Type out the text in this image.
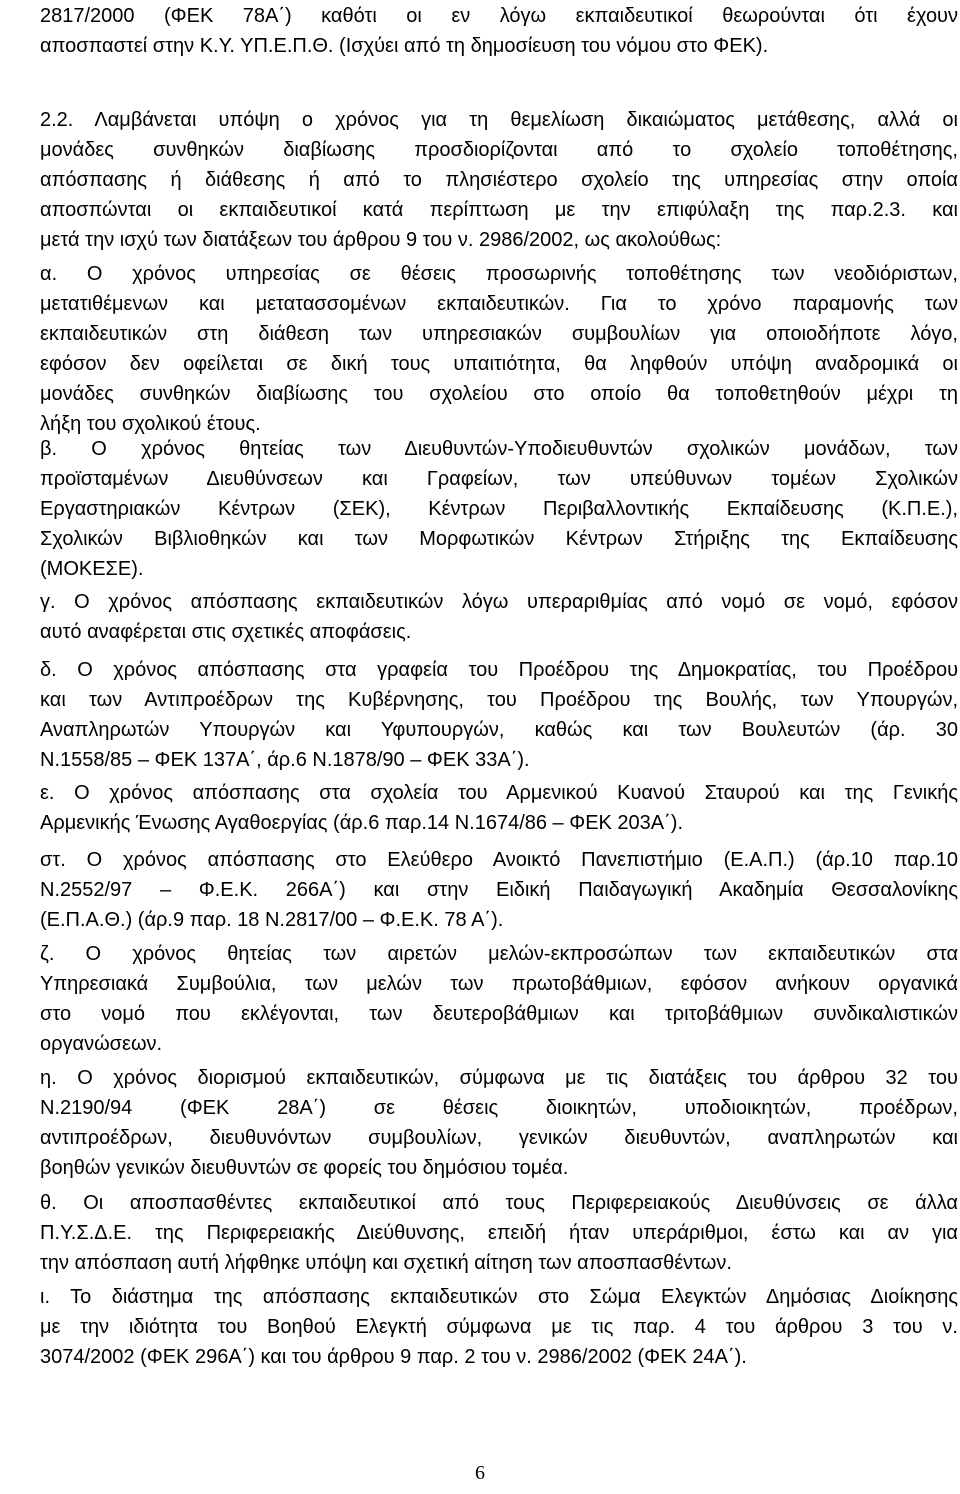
2817/2000 (ΦΕΚ 78Α΄) καθότι οι εν λόγω εκπαιδευτικοί θεωρούνται ότι έχουν
αποσπαστεί στην Κ.Υ. ΥΠ.Ε.Π.Θ. (Ισχύει από τη δημοσίευση του νόμου στο ΦΕΚ).
2.2. Λαμβάνεται υπόψη ο χρόνος για τη θεμελίωση δικαιώματος μετάθεσης, αλλά οι
μονάδες συνθηκών διαβίωσης προσδιορίζονται από το σχολείο τοποθέτησης,
απόσπασης ή διάθεσης ή από το πλησιέστερο σχολείο της υπηρεσίας στην οποία
αποσπώνται οι εκπαιδευτικοί κατά περίπτωση με την επιφύλαξη της παρ.2.3. και
μετά την ισχύ των διατάξεων του άρθρου 9 του ν. 2986/2002, ως ακολούθως:
α. Ο χρόνος υπηρεσίας σε θέσεις προσωρινής τοποθέτησης των νεοδιόριστων,
μετατιθέμενων και μετατασσομένων εκπαιδευτικών. Για το χρόνο παραμονής των
εκπαιδευτικών στη διάθεση των υπηρεσιακών συμβουλίων για οποιοδήποτε λόγο,
εφόσον δεν οφείλεται σε δική τους υπαιτιότητα, θα ληφθούν υπόψη αναδρομικά οι
μονάδες συνθηκών διαβίωσης του σχολείου στο οποίο θα τοποθετηθούν μέχρι τη
λήξη του σχολικού έτους.
β. Ο χρόνος θητείας των Διευθυντών-Υποδιευθυντών σχολικών μονάδων, των
προϊσταμένων Διευθύνσεων και Γραφείων, των υπεύθυνων τομέων Σχολικών
Εργαστηριακών Κέντρων (ΣΕΚ), Κέντρων Περιβαλλοντικής Εκπαίδευσης (Κ.Π.Ε.),
Σχολικών Βιβλιοθηκών και των Μορφωτικών Κέντρων Στήριξης της Εκπαίδευσης
(ΜΟΚΕΣΕ).
γ. Ο χρόνος απόσπασης εκπαιδευτικών λόγω υπεραριθμίας από νομό σε νομό, εφόσον
αυτό αναφέρεται στις σχετικές αποφάσεις.
δ. Ο χρόνος απόσπασης στα γραφεία του Προέδρου της Δημοκρατίας, του Προέδρου
και των Αντιπροέδρων της Κυβέρνησης, του Προέδρου της Βουλής, των Υπουργών,
Αναπληρωτών Υπουργών και Υφυπουργών, καθώς και των Βουλευτών (άρ. 30
Ν.1558/85 – ΦΕΚ 137Α΄, άρ.6 Ν.1878/90 – ΦΕΚ 33Α΄).
ε. Ο χρόνος απόσπασης στα σχολεία του Αρμενικού Κυανού Σταυρού και της Γενικής
Αρμενικής Ένωσης Αγαθοεργίας (άρ.6 παρ.14 Ν.1674/86 – ΦΕΚ 203Α΄).
στ. Ο χρόνος απόσπασης στο Ελεύθερο Ανοικτό Πανεπιστήμιο (Ε.Α.Π.) (άρ.10 παρ.10
Ν.2552/97 – Φ.Ε.Κ. 266Α΄) και στην Ειδική Παιδαγωγική Ακαδημία Θεσσαλονίκης
(Ε.Π.Α.Θ.) (άρ.9 παρ. 18 Ν.2817/00 – Φ.Ε.Κ. 78 Α΄).
ζ. Ο χρόνος θητείας των αιρετών μελών-εκπροσώπων των εκπαιδευτικών στα
Υπηρεσιακά Συμβούλια, των μελών των πρωτοβάθμιων, εφόσον ανήκουν οργανικά
στο νομό που εκλέγονται, των δευτεροβάθμιων και τριτοβάθμιων συνδικαλιστικών
οργανώσεων.
η. Ο χρόνος διορισμού εκπαιδευτικών, σύμφωνα με τις διατάξεις του άρθρου 32 του
Ν.2190/94 (ΦΕΚ 28Α΄) σε θέσεις διοικητών, υποδιοικητών, προέδρων,
αντιπροέδρων, διευθυνόντων συμβουλίων, γενικών διευθυντών, αναπληρωτών και
βοηθών γενικών διευθυντών σε φορείς του δημόσιου τομέα.
θ. Οι αποσπασθέντες εκπαιδευτικοί από τους Περιφερειακούς Διευθύνσεις σε άλλα
Π.Υ.Σ.Δ.Ε. της Περιφερειακής Διεύθυνσης, επειδή ήταν υπεράριθμοι, έστω και αν για
την απόσπαση αυτή λήφθηκε υπόψη και σχετική αίτηση των αποσπασθέντων.
ι. Το διάστημα της απόσπασης εκπαιδευτικών στο Σώμα Ελεγκτών Δημόσιας Διοίκησης
με την ιδιότητα του Βοηθού Ελεγκτή σύμφωνα με τις παρ. 4 του άρθρου 3 του ν.
3074/2002 (ΦΕΚ 296Α΄) και του άρθρου 9 παρ. 2 του ν. 2986/2002 (ΦΕΚ 24Α΄).
6
